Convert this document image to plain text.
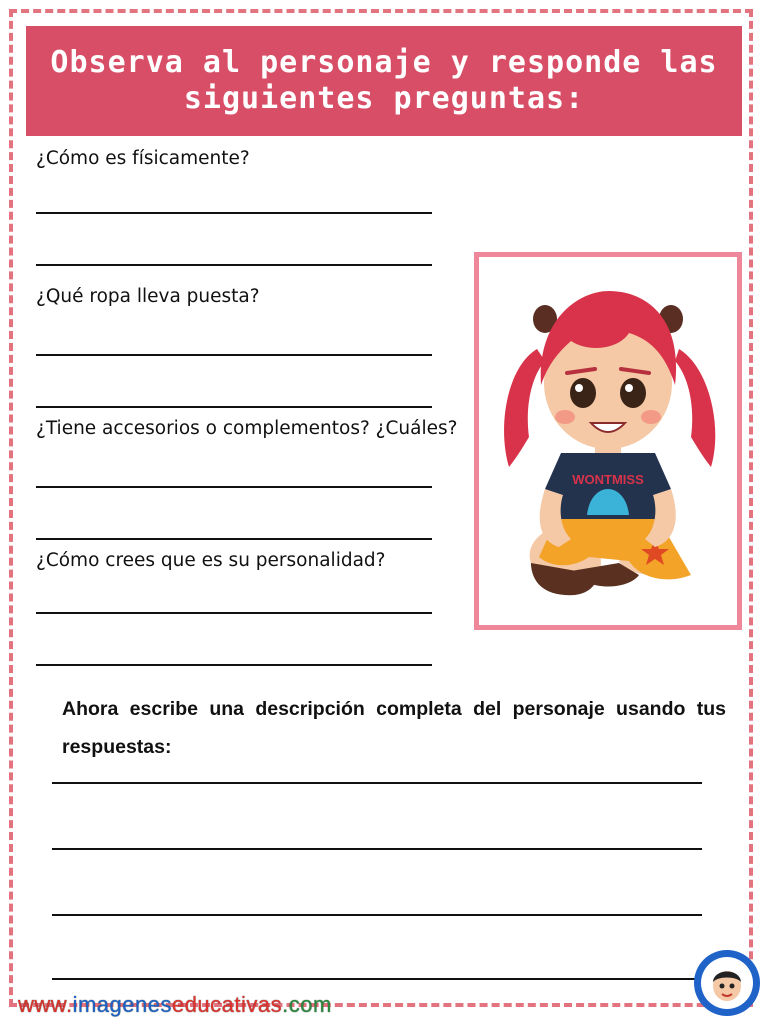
Observa al personaje y responde las
siguientes preguntas:
¿Cómo es físicamente?
¿Qué ropa lleva puesta?
¿Tiene accesorios o complementos? ¿Cuáles?
¿Cómo crees que es su personalidad?
WONTMISS
Ahora escribe una descripción completa del personaje usando tus respuestas:
www.imageneseducativas.com
